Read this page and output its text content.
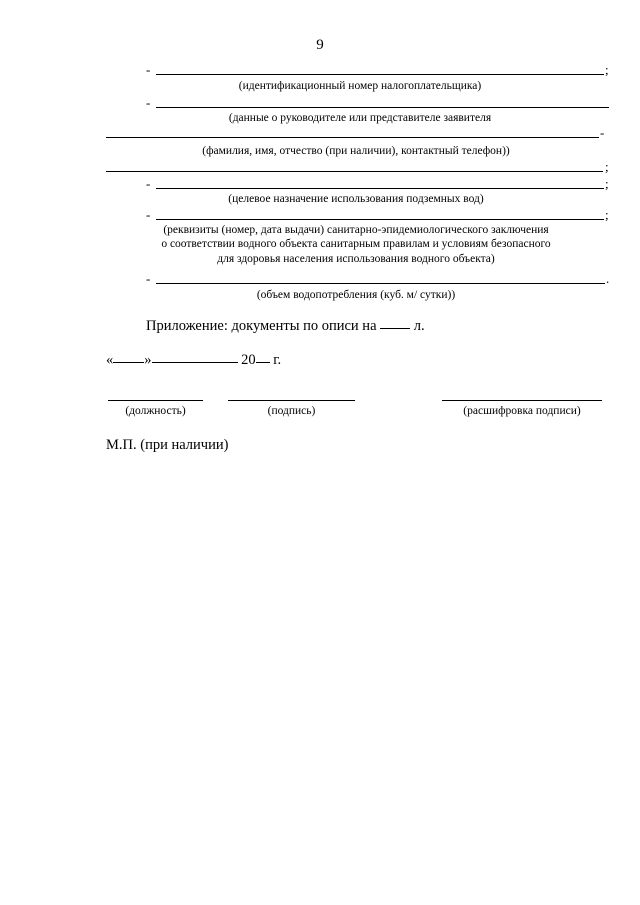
9
-	;
(идентификационный номер налогоплательщика)
-
(данные о руководителе или представителе заявителя
-
(фамилия, имя, отчество (при наличии), контактный телефон))
;
-	;
(целевое назначение использования подземных вод)
-	;
(реквизиты (номер, дата выдачи) санитарно-эпидемиологического заключения
о соответствии водного объекта санитарным правилам и условиям безопасного
для здоровья населения использования водного объекта)
-	.
(объем водопотребления (куб. м/ сутки))
Приложение: документы по описи на	л.
« »	20 г.
(должность)	(подпись)	(расшифровка подписи)
М.П. (при наличии)
